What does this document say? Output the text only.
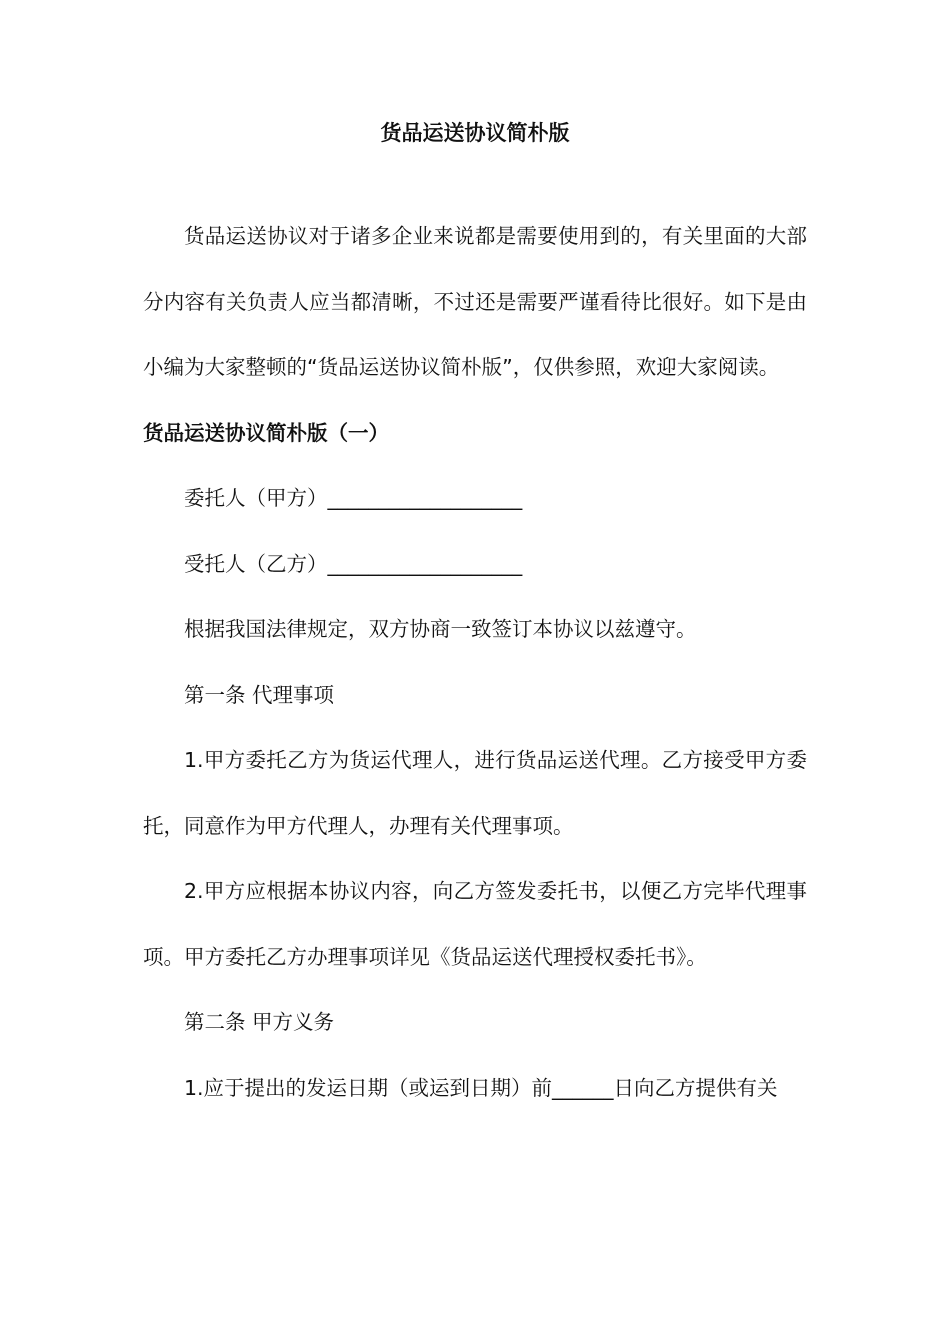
货品运送协议简朴版

货品运送协议对于诸多企业来说都是需要使用到的，有关里面的大部分内容有关负责人应当都清晰，不过还是需要严谨看待比很好。如下是由小编为大家整顿的“货品运送协议简朴版”，仅供参照，欢迎大家阅读。

货品运送协议简朴版（一）

委托人（甲方）___________________

受托人（乙方）___________________

根据我国法律规定，双方协商一致签订本协议以兹遵守。

第一条 代理事项

1.甲方委托乙方为货运代理人，进行货品运送代理。乙方接受甲方委托，同意作为甲方代理人，办理有关代理事项。

2.甲方应根据本协议内容，向乙方签发委托书，以便乙方完毕代理事项。甲方委托乙方办理事项详见《货品运送代理授权委托书》。

第二条 甲方义务

1.应于提出的发运日期（或运到日期）前______日向乙方提供有关
